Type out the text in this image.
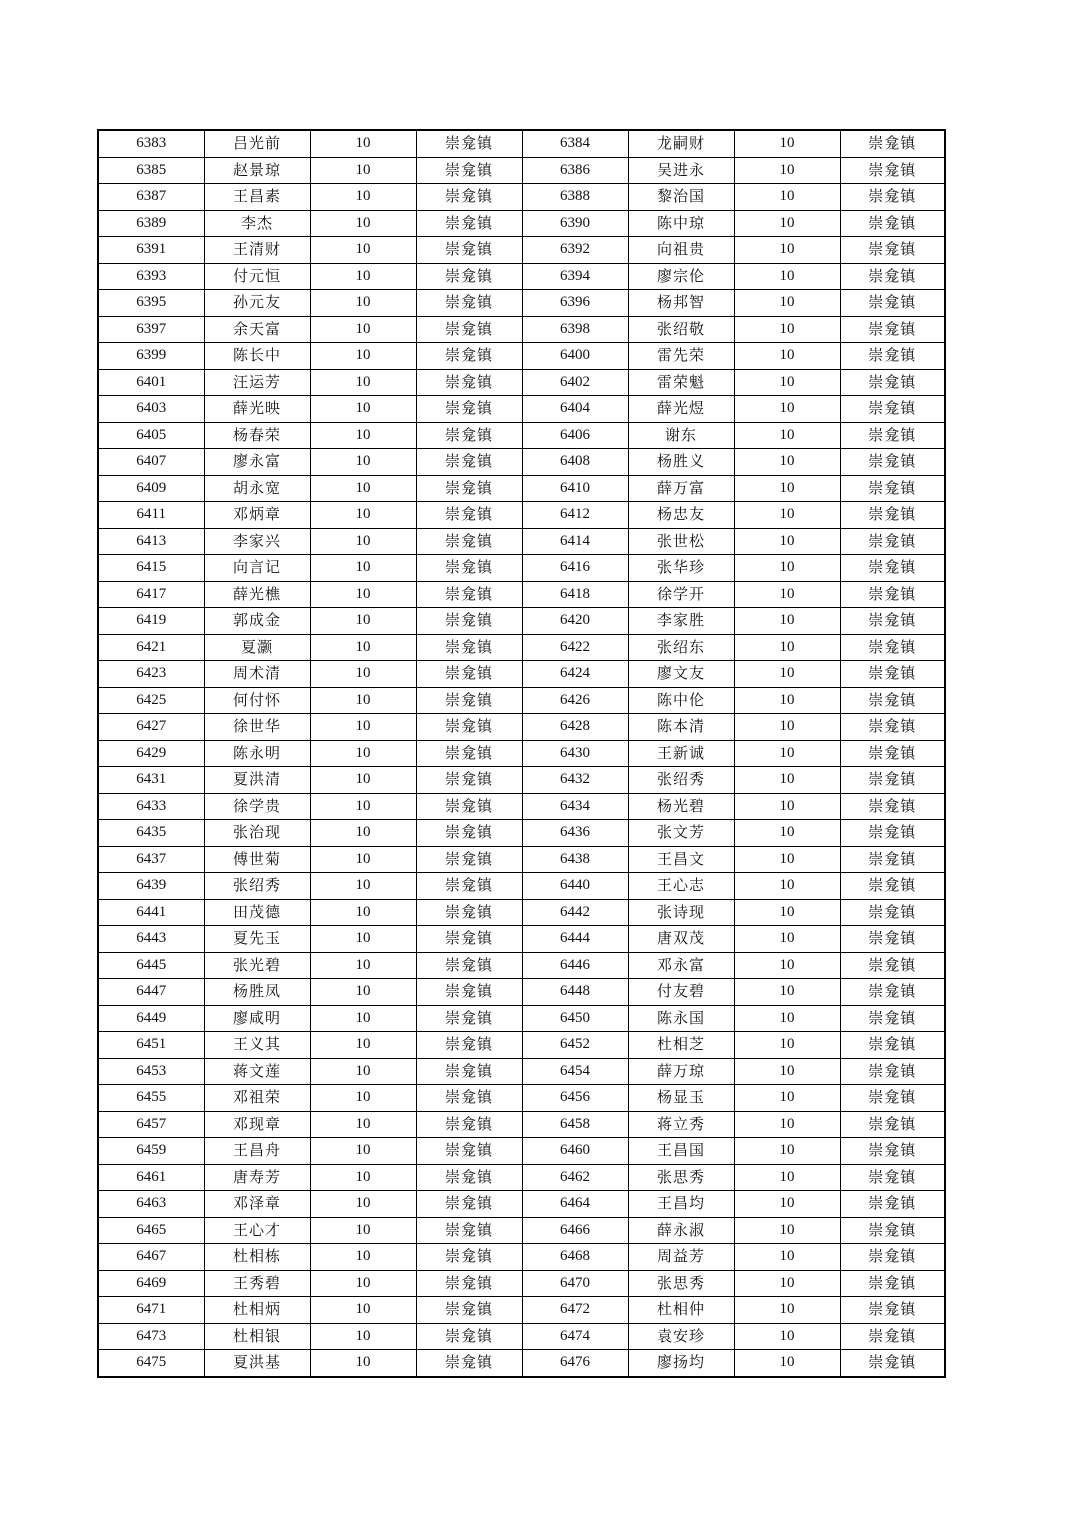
6383	吕光前	10	崇龛镇	6384	龙嗣财	10	崇龛镇
6385	赵景琼	10	崇龛镇	6386	吴进永	10	崇龛镇
6387	王昌素	10	崇龛镇	6388	黎治国	10	崇龛镇
6389	李杰	10	崇龛镇	6390	陈中琼	10	崇龛镇
6391	王清财	10	崇龛镇	6392	向祖贵	10	崇龛镇
6393	付元恒	10	崇龛镇	6394	廖宗伦	10	崇龛镇
6395	孙元友	10	崇龛镇	6396	杨邦智	10	崇龛镇
6397	余天富	10	崇龛镇	6398	张绍敬	10	崇龛镇
6399	陈长中	10	崇龛镇	6400	雷先荣	10	崇龛镇
6401	汪运芳	10	崇龛镇	6402	雷荣魁	10	崇龛镇
6403	薛光映	10	崇龛镇	6404	薛光煜	10	崇龛镇
6405	杨春荣	10	崇龛镇	6406	谢东	10	崇龛镇
6407	廖永富	10	崇龛镇	6408	杨胜义	10	崇龛镇
6409	胡永宽	10	崇龛镇	6410	薛万富	10	崇龛镇
6411	邓炳章	10	崇龛镇	6412	杨忠友	10	崇龛镇
6413	李家兴	10	崇龛镇	6414	张世松	10	崇龛镇
6415	向言记	10	崇龛镇	6416	张华珍	10	崇龛镇
6417	薛光樵	10	崇龛镇	6418	徐学开	10	崇龛镇
6419	郭成金	10	崇龛镇	6420	李家胜	10	崇龛镇
6421	夏灏	10	崇龛镇	6422	张绍东	10	崇龛镇
6423	周术清	10	崇龛镇	6424	廖文友	10	崇龛镇
6425	何付怀	10	崇龛镇	6426	陈中伦	10	崇龛镇
6427	徐世华	10	崇龛镇	6428	陈本清	10	崇龛镇
6429	陈永明	10	崇龛镇	6430	王新诚	10	崇龛镇
6431	夏洪清	10	崇龛镇	6432	张绍秀	10	崇龛镇
6433	徐学贵	10	崇龛镇	6434	杨光碧	10	崇龛镇
6435	张治现	10	崇龛镇	6436	张文芳	10	崇龛镇
6437	傅世菊	10	崇龛镇	6438	王昌文	10	崇龛镇
6439	张绍秀	10	崇龛镇	6440	王心志	10	崇龛镇
6441	田茂德	10	崇龛镇	6442	张诗现	10	崇龛镇
6443	夏先玉	10	崇龛镇	6444	唐双茂	10	崇龛镇
6445	张光碧	10	崇龛镇	6446	邓永富	10	崇龛镇
6447	杨胜凤	10	崇龛镇	6448	付友碧	10	崇龛镇
6449	廖咸明	10	崇龛镇	6450	陈永国	10	崇龛镇
6451	王义其	10	崇龛镇	6452	杜相芝	10	崇龛镇
6453	蒋文莲	10	崇龛镇	6454	薛万琼	10	崇龛镇
6455	邓祖荣	10	崇龛镇	6456	杨显玉	10	崇龛镇
6457	邓现章	10	崇龛镇	6458	蒋立秀	10	崇龛镇
6459	王昌舟	10	崇龛镇	6460	王昌国	10	崇龛镇
6461	唐寿芳	10	崇龛镇	6462	张思秀	10	崇龛镇
6463	邓泽章	10	崇龛镇	6464	王昌均	10	崇龛镇
6465	王心才	10	崇龛镇	6466	薛永淑	10	崇龛镇
6467	杜相栋	10	崇龛镇	6468	周益芳	10	崇龛镇
6469	王秀碧	10	崇龛镇	6470	张思秀	10	崇龛镇
6471	杜相炳	10	崇龛镇	6472	杜相仲	10	崇龛镇
6473	杜相银	10	崇龛镇	6474	袁安珍	10	崇龛镇
6475	夏洪基	10	崇龛镇	6476	廖扬均	10	崇龛镇
